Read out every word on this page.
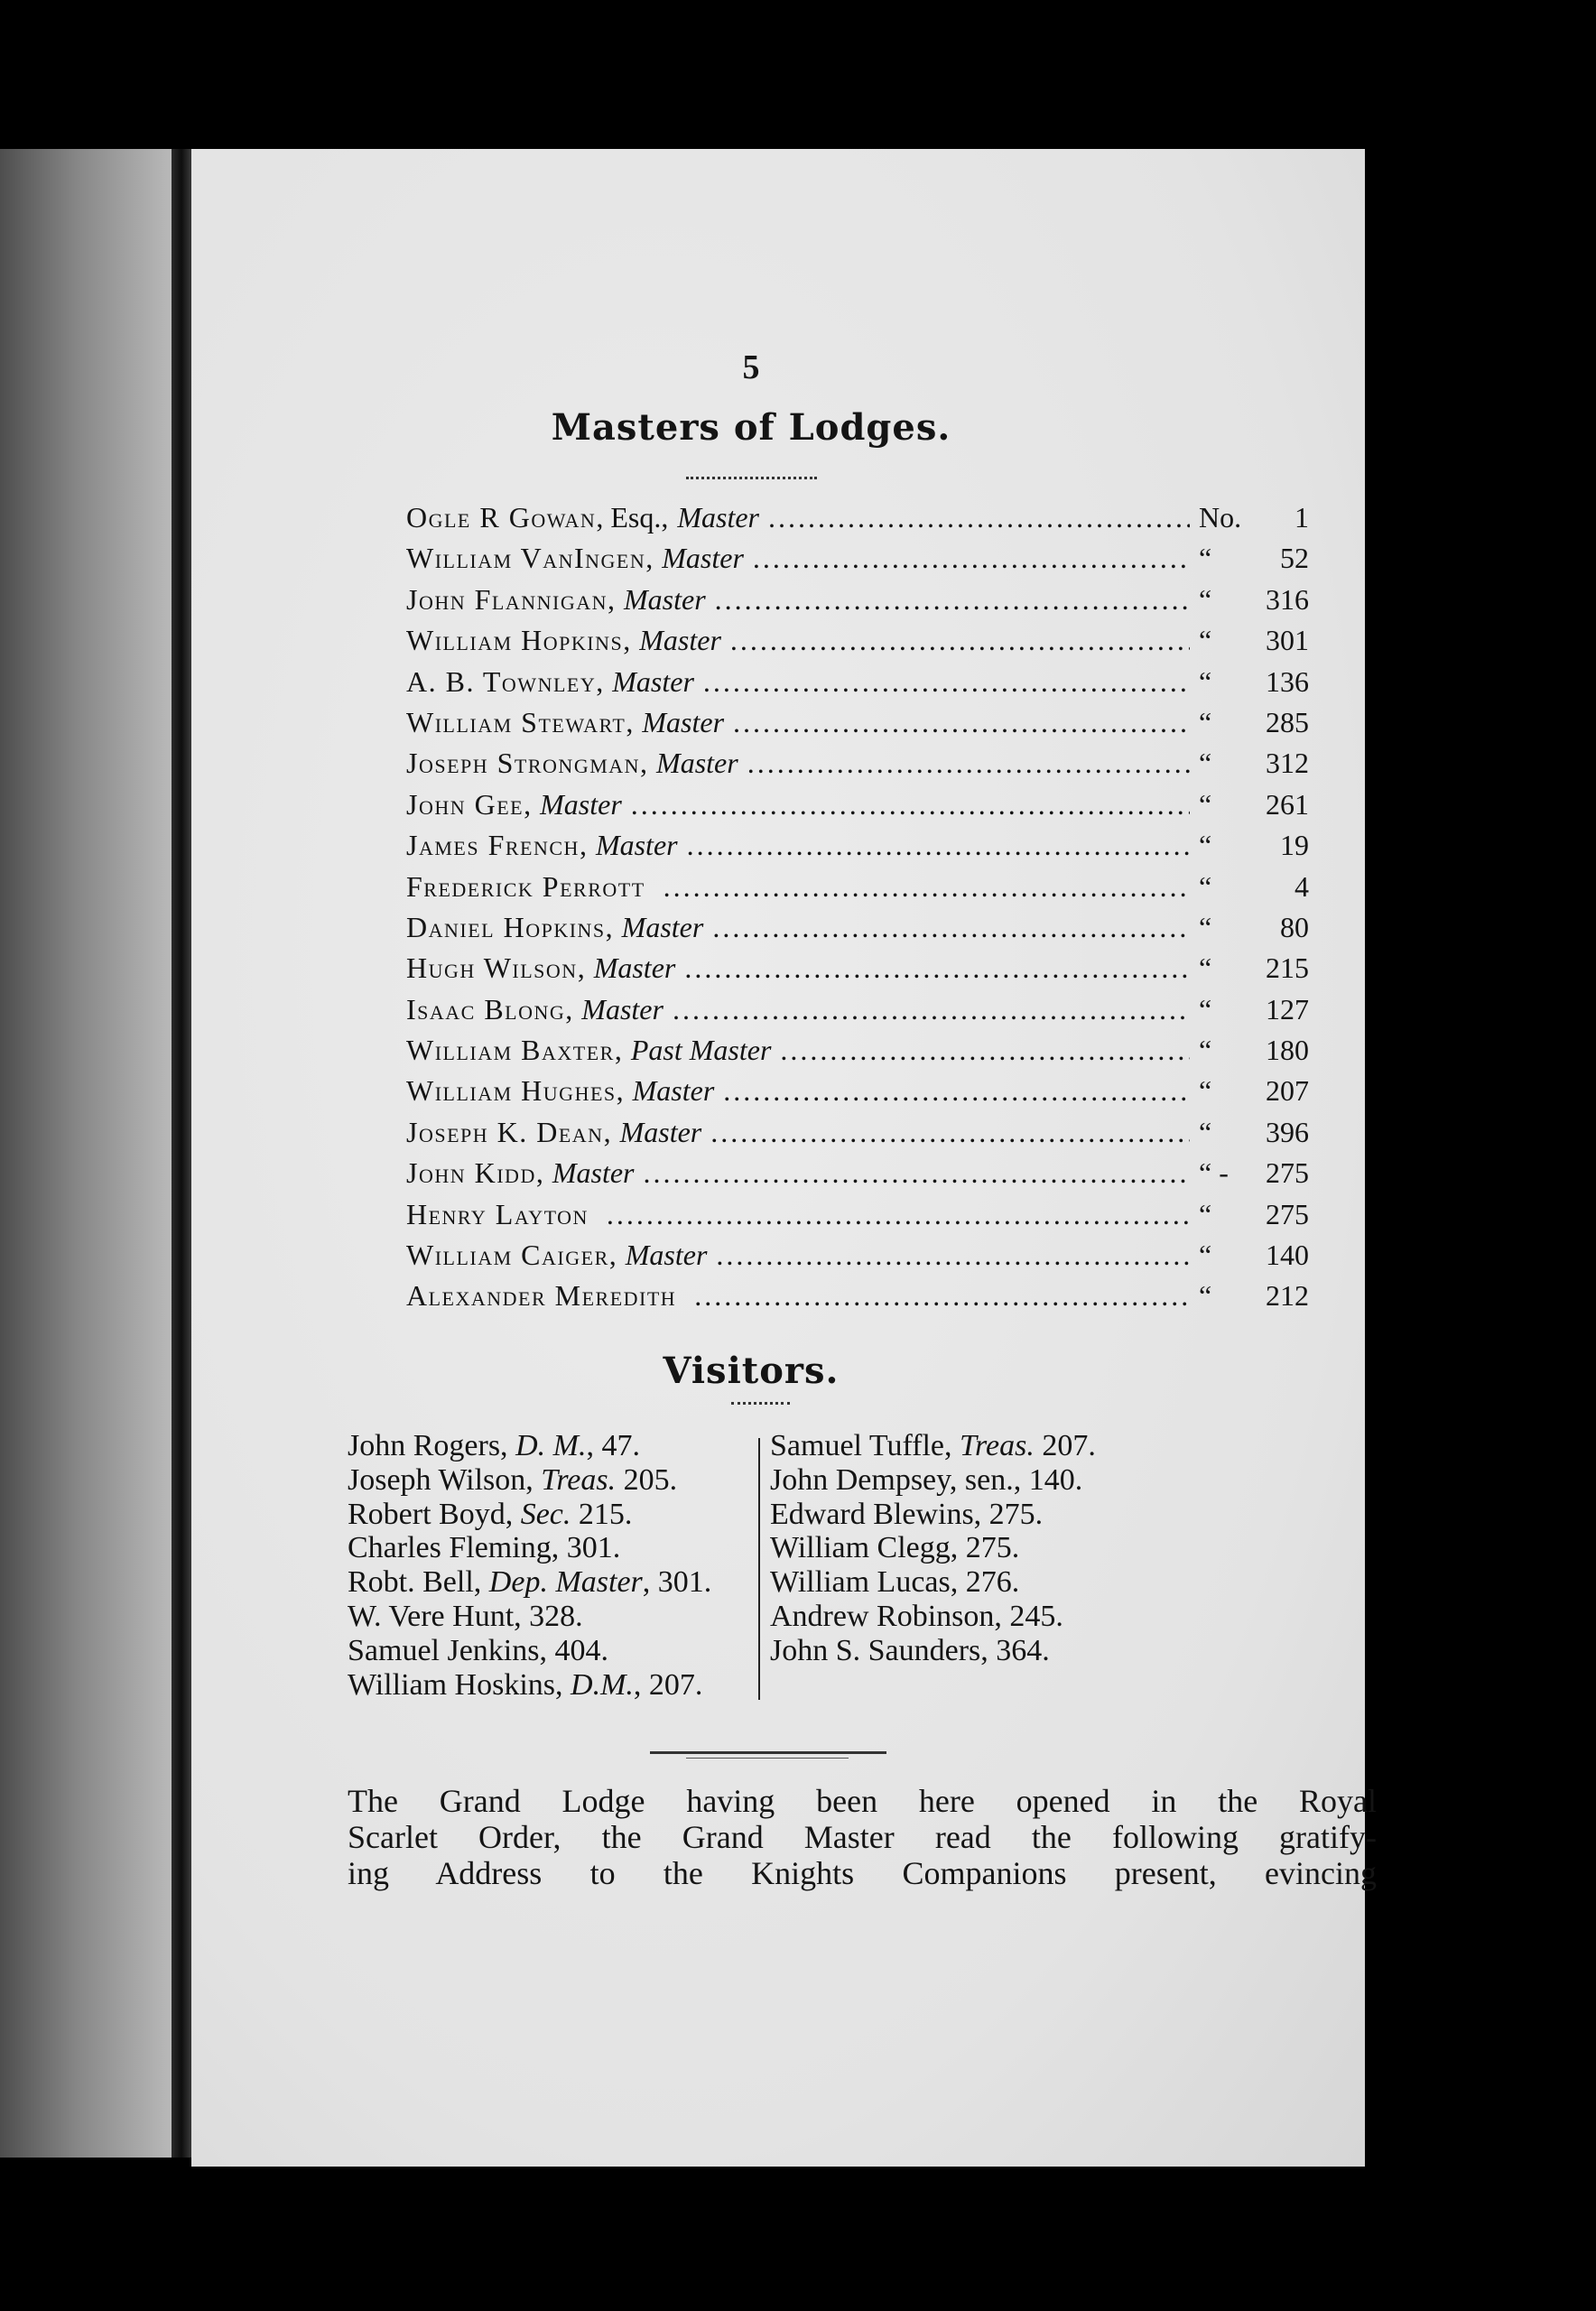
5
Masters of Lodges.
Ogle R Gowan , Esq., Master .....	No.	1
William VanIngen , Master .....	“	52
John Flannigan , Master .....	“	316
William Hopkins , Master .....	“	301
A. B. Townley , Master .....	“	136
William Stewart , Master .....	“	285
Joseph Strongman , Master .....	“	312
John Gee , Master .....	“	261
James French , Master .....	“	19
Frederick Perrott .....	“	4
Daniel Hopkins , Master .....	“	80
Hugh Wilson , Master .....	“	215
Isaac Blong , Master .....	“	127
William Baxter , Past Master .....	“	180
William Hughes , Master .....	“	207
Joseph K. Dean , Master .....	“	396
John Kidd , Master .....	“ -	275
Henry Layton .....	“	275
William Caiger , Master .....	“	140
Alexander Meredith .....	“	212
Visitors.
John Rogers, D. M., 47.
Joseph Wilson, Treas. 205.
Robert Boyd, Sec. 215.
Charles Fleming, 301.
Robt. Bell, Dep. Master, 301.
W. Vere Hunt, 328.
Samuel Jenkins, 404.
William Hoskins, D.M., 207.
Samuel Tuffle, Treas. 207.
John Dempsey, sen., 140.
Edward Blewins, 275.
William Clegg, 275.
William Lucas, 276.
Andrew Robinson, 245.
John S. Saunders, 364.
The Grand Lodge having been here opened in the Royal
Scarlet Order, the Grand Master read the following gratify-
ing Address to the Knights Companions present, evincing
